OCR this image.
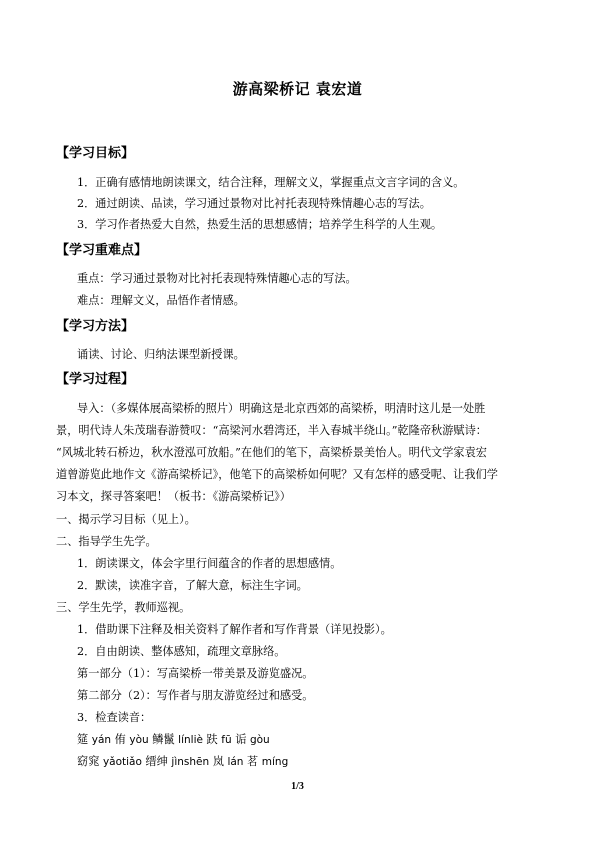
游高梁桥记 袁宏道
【学习目标】
1．正确有感情地朗读课文，结合注释，理解文义，掌握重点文言字词的含义。
2．通过朗读、品读，学习通过景物对比衬托表现特殊情趣心志的写法。
3．学习作者热爱大自然，热爱生活的思想感情；培养学生科学的人生观。
【学习重难点】
重点：学习通过景物对比衬托表现特殊情趣心志的写法。
难点：理解文义，品悟作者情感。
【学习方法】
诵读、讨论、归纳法课型新授课。
【学习过程】
导入：（多媒体展高梁桥的照片）明确这是北京西郊的高梁桥，明清时这儿是一处胜
景，明代诗人朱茂瑞春游赞叹：“高梁河水碧湾还，半入春城半绕山。”乾隆帝秋游赋诗：
“风城北转石桥边，秋水澄泓可放船。”在他们的笔下，高梁桥景美怡人。明代文学家袁宏
道曾游览此地作文《游高梁桥记》，他笔下的高梁桥如何呢？又有怎样的感受呢、让我们学
习本文，探寻答案吧！（板书：《游高梁桥记》）
一、揭示学习目标（见上）。
二、指导学生先学。
1．朗读课文，体会字里行间蕴含的作者的思想感情。
2．默读，读准字音，了解大意，标注生字词。
三、学生先学，教师巡视。
1．借助课下注释及相关资料了解作者和写作背景（详见投影）。
2．自由朗读、整体感知，疏理文章脉络。
第一部分（1）：写高梁桥一带美景及游览盛况。
第二部分（2）：写作者与朋友游览经过和感受。
3．检查读音：
筵 yán 侑 yòu 鳞鬣 línliè 趺 fū 诟 gòu
窈窕 yǎotiǎo 缙绅 jìnshēn 岚 lán 茗 míng
1/3
